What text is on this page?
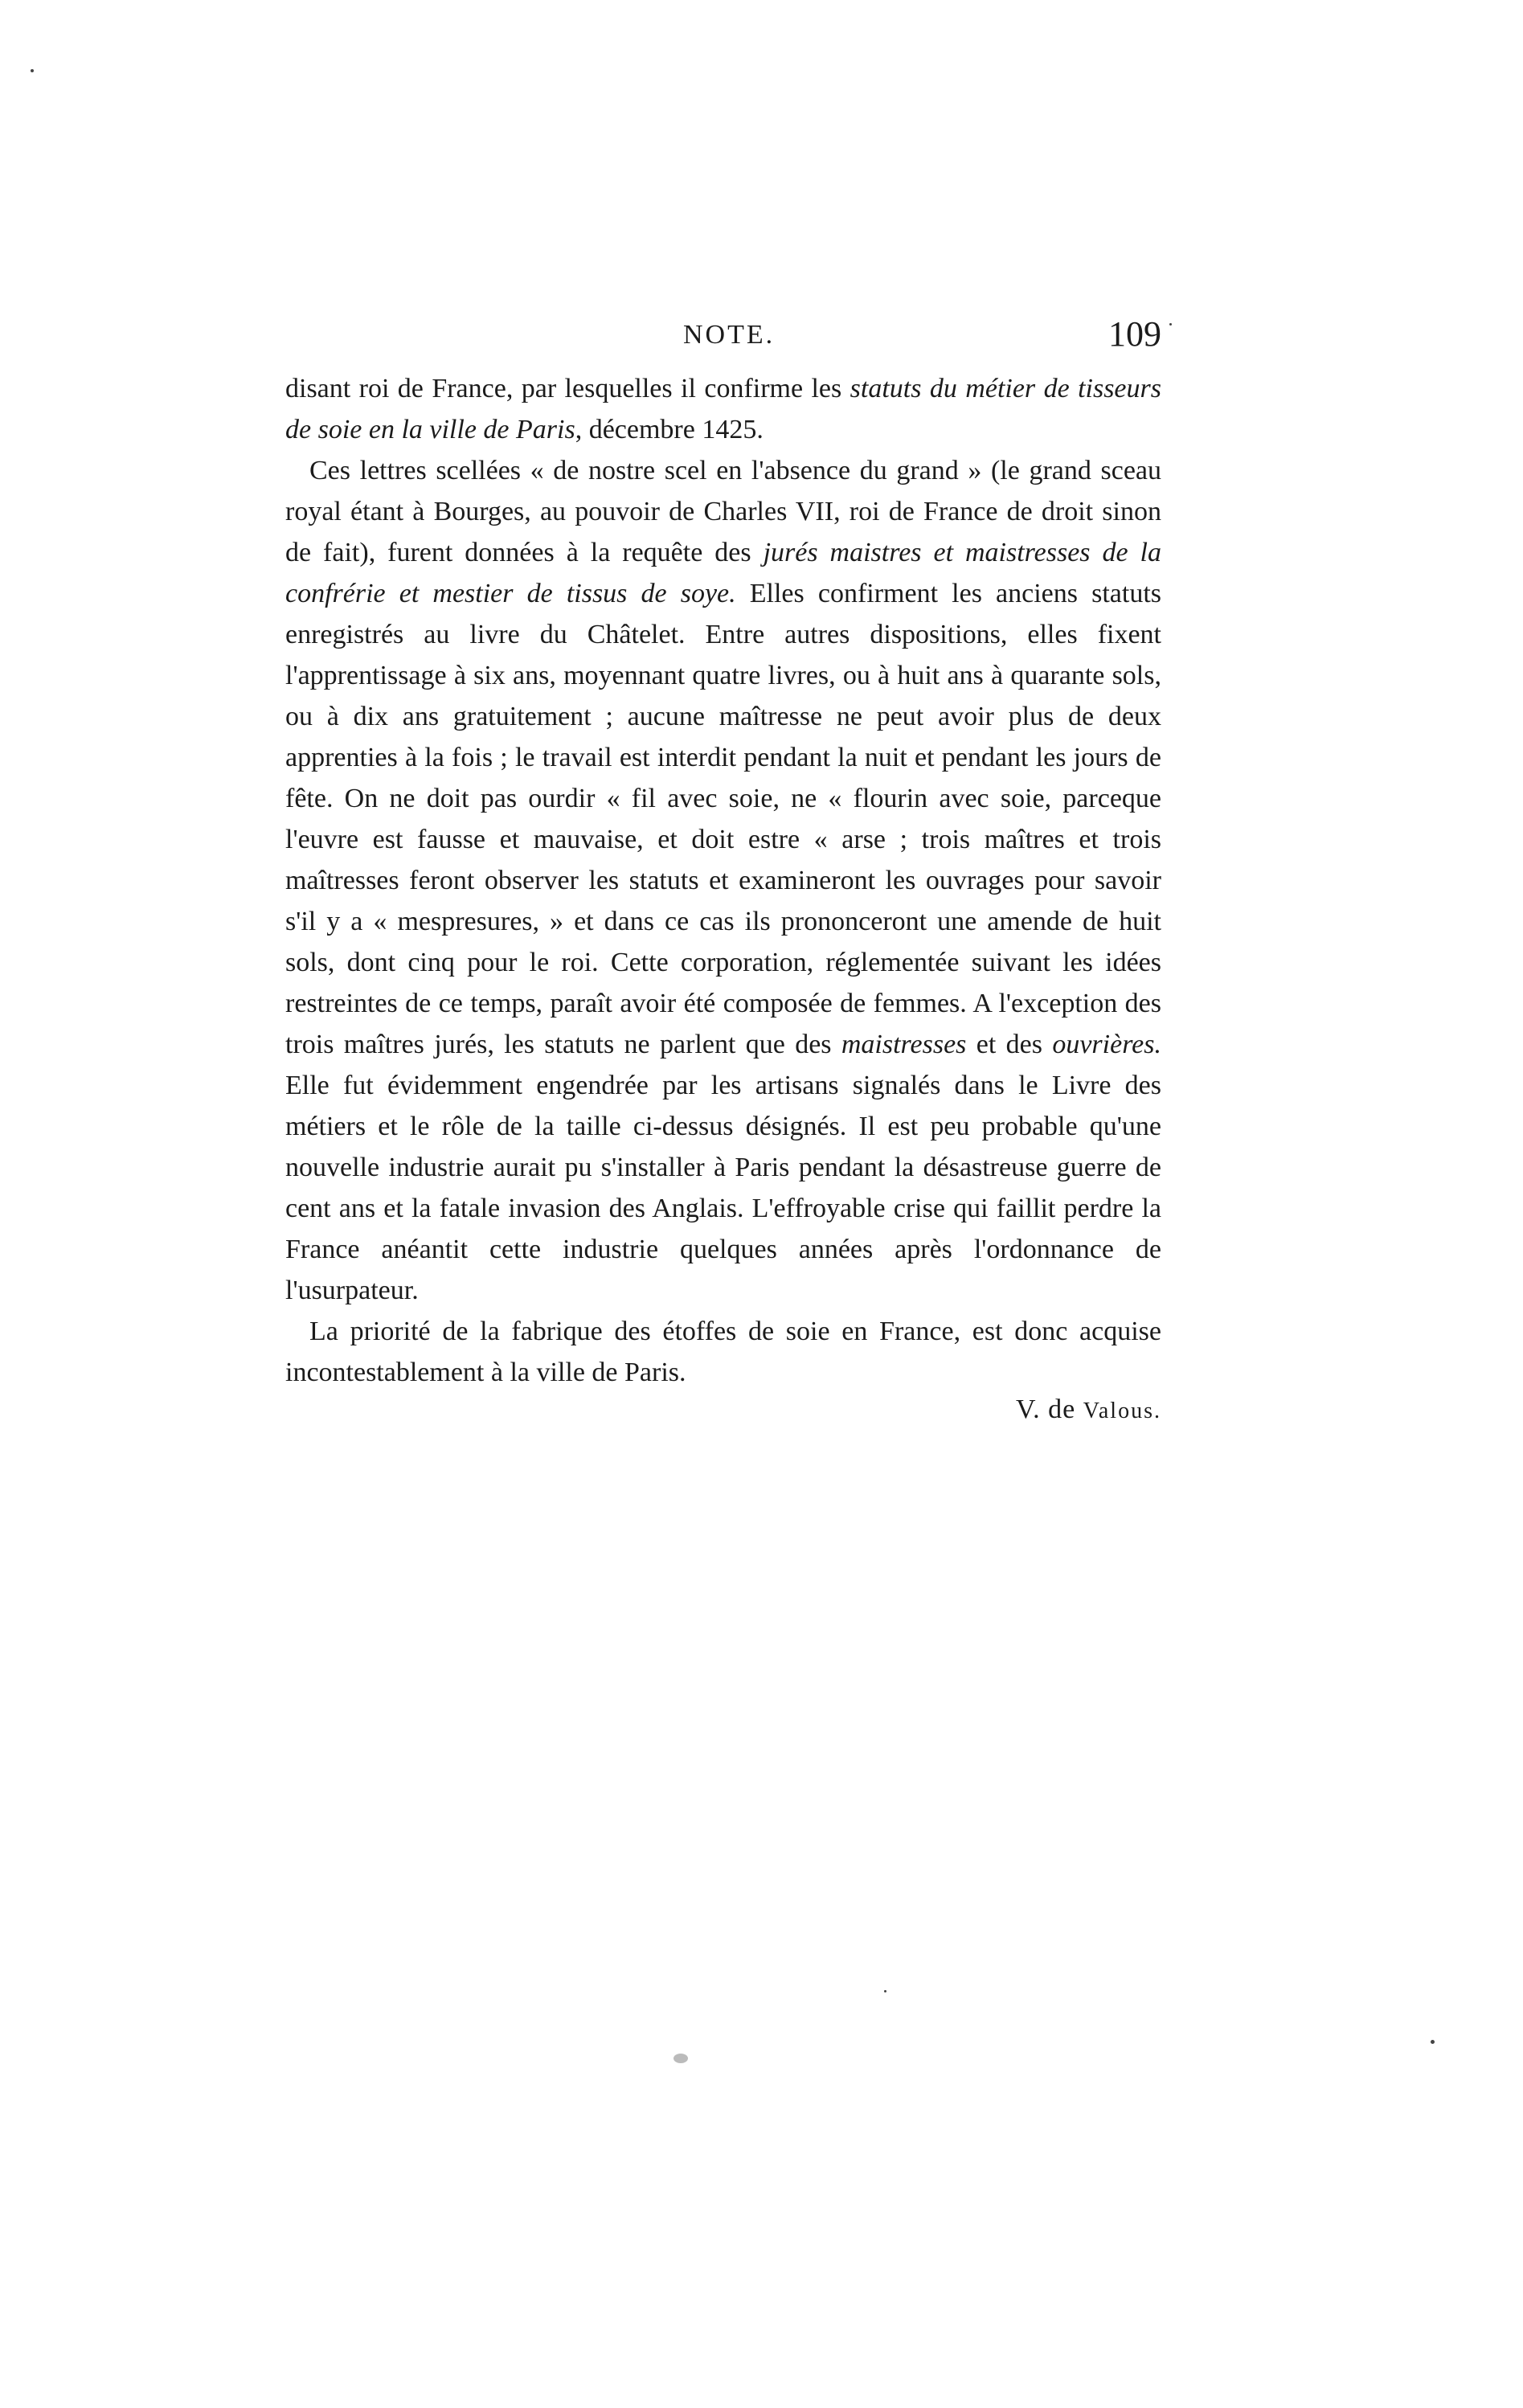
NOTE.	109

disant roi de France, par lesquelles il confirme les statuts du métier de tisseurs de soie en la ville de Paris, décembre 1425.

Ces lettres scellées « de nostre scel en l'absence du grand » (le grand sceau royal étant à Bourges, au pouvoir de Charles VII, roi de France de droit sinon de fait), furent données à la requête des jurés maistres et maistresses de la confrérie et mestier de tissus de soye. Elles confirment les anciens statuts enregistrés au livre du Châtelet. Entre autres dispositions, elles fixent l'apprentissage à six ans, moyennant quatre livres, ou à huit ans à quarante sols, ou à dix ans gratuitement ; aucune maîtresse ne peut avoir plus de deux apprenties à la fois ; le travail est interdit pendant la nuit et pendant les jours de fête. On ne doit pas ourdir « fil avec soie, ne « flourin avec soie, parceque l'euvre est fausse et mauvaise, et doit estre « arse ; trois maîtres et trois maîtresses feront observer les statuts et examineront les ouvrages pour savoir s'il y a « mespresures, » et dans ce cas ils prononceront une amende de huit sols, dont cinq pour le roi. Cette corporation, réglementée suivant les idées restreintes de ce temps, paraît avoir été composée de femmes. A l'exception des trois maîtres jurés, les statuts ne parlent que des maistresses et des ouvrières. Elle fut évidemment engendrée par les artisans signalés dans le Livre des métiers et le rôle de la taille ci-dessus désignés. Il est peu probable qu'une nouvelle industrie aurait pu s'installer à Paris pendant la désastreuse guerre de cent ans et la fatale invasion des Anglais. L'effroyable crise qui faillit perdre la France anéantit cette industrie quelques années après l'ordonnance de l'usurpateur.

La priorité de la fabrique des étoffes de soie en France, est donc acquise incontestablement à la ville de Paris.

V. de Valous.
